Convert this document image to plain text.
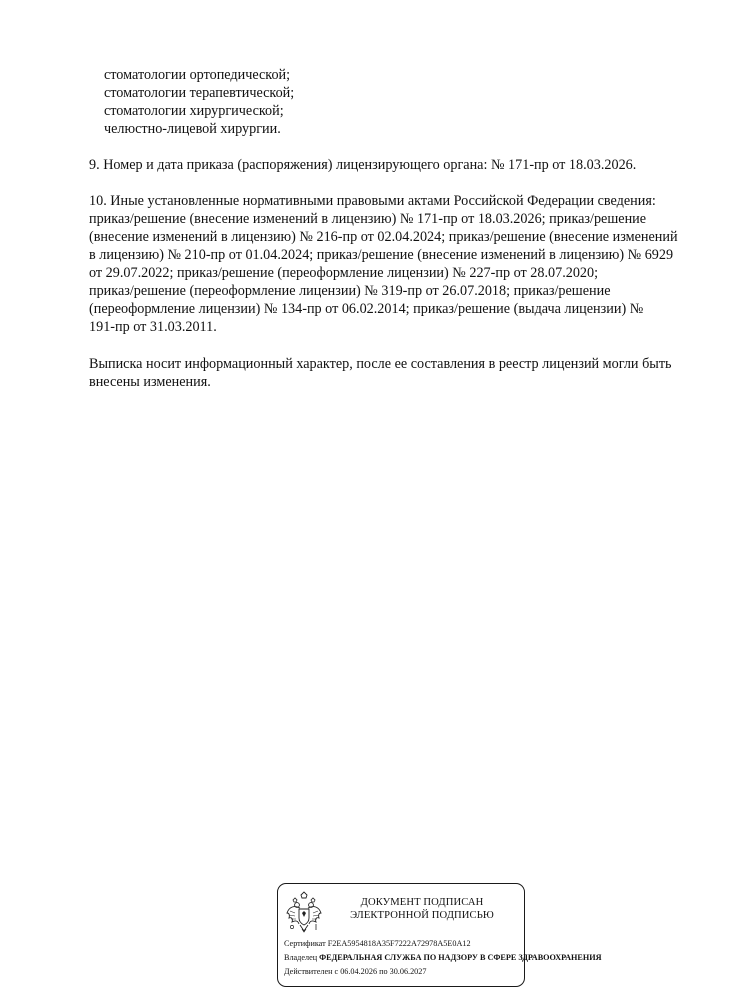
стоматологии ортопедической;
стоматологии терапевтической;
стоматологии хирургической;
челюстно-лицевой хирургии.
9. Номер и дата приказа (распоряжения) лицензирующего органа: № 171-пр от 18.03.2026.
10. Иные установленные нормативными правовыми актами Российской Федерации сведения:
приказ/решение (внесение изменений в лицензию) № 171-пр от 18.03.2026; приказ/решение
(внесение изменений в лицензию) № 216-пр от 02.04.2024; приказ/решение (внесение изменений
в лицензию) № 210-пр от 01.04.2024; приказ/решение (внесение изменений в лицензию) № 6929
от 29.07.2022; приказ/решение (переоформление лицензии) № 227-пр от 28.07.2020;
приказ/решение (переоформление лицензии) № 319-пр от 26.07.2018; приказ/решение
(переоформление лицензии) № 134-пр от 06.02.2014; приказ/решение (выдача лицензии) №
191-пр от 31.03.2011.
Выписка носит информационный характер, после ее составления в реестр лицензий могли быть
внесены изменения.
ДОКУМЕНТ ПОДПИСАН
ЭЛЕКТРОННОЙ ПОДПИСЬЮ
Сертификат F2EA5954818A35F7222A72978A5E0A12
Владелец ФЕДЕРАЛЬНАЯ СЛУЖБА ПО НАДЗОРУ В СФЕРЕ ЗДРАВООХРАНЕНИЯ
Действителен с 06.04.2026 по 30.06.2027
